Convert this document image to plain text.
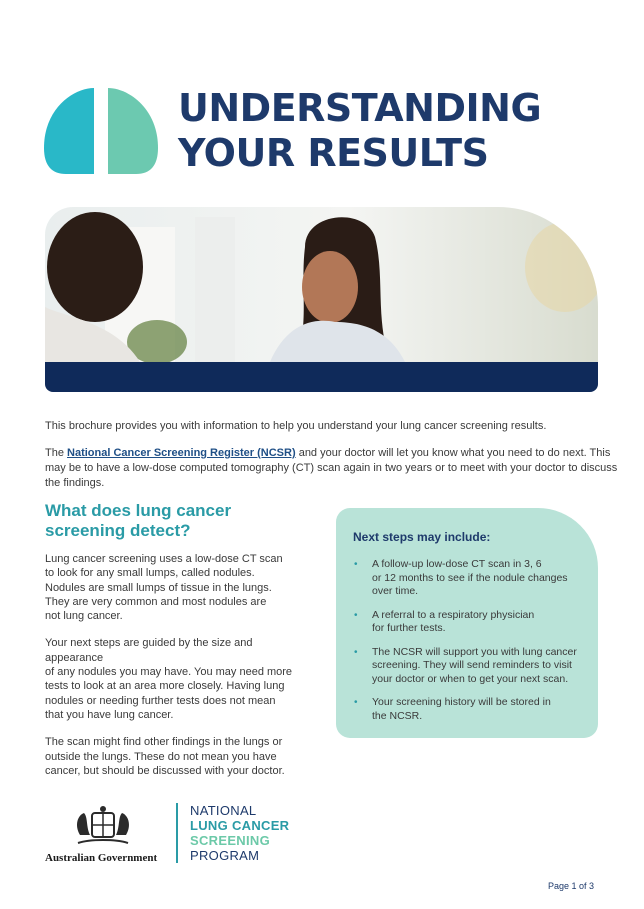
UNDERSTANDING
YOUR RESULTS

This brochure provides you with information to help you understand your lung cancer screening results.

The National Cancer Screening Register (NCSR) and your doctor will let you know what you need to do next. This may be to have a low-dose computed tomography (CT) scan again in two years or to meet with your doctor to discuss the findings.

What does lung cancer
screening detect?

Lung cancer screening uses a low-dose CT scan
to look for any small lumps, called nodules.
Nodules are small lumps of tissue in the lungs.
They are very common and most nodules are
not lung cancer.

Your next steps are guided by the size and appearance
of any nodules you may have. You may need more
tests to look at an area more closely. Having lung
nodules or needing further tests does not mean
that you have lung cancer.

The scan might find other findings in the lungs or
outside the lungs. These do not mean you have
cancer, but should be discussed with your doctor.

Next steps may include:
• A follow-up low-dose CT scan in 3, 6
or 12 months to see if the nodule changes
over time.
• A referral to a respiratory physician
for further tests.
• The NCSR will support you with lung cancer
screening. They will send reminders to visit
your doctor or when to get your next scan.
• Your screening history will be stored in
the NCSR.
Australian Government
NATIONAL
LUNG CANCER
SCREENING
PROGRAM
Page 1 of 3
